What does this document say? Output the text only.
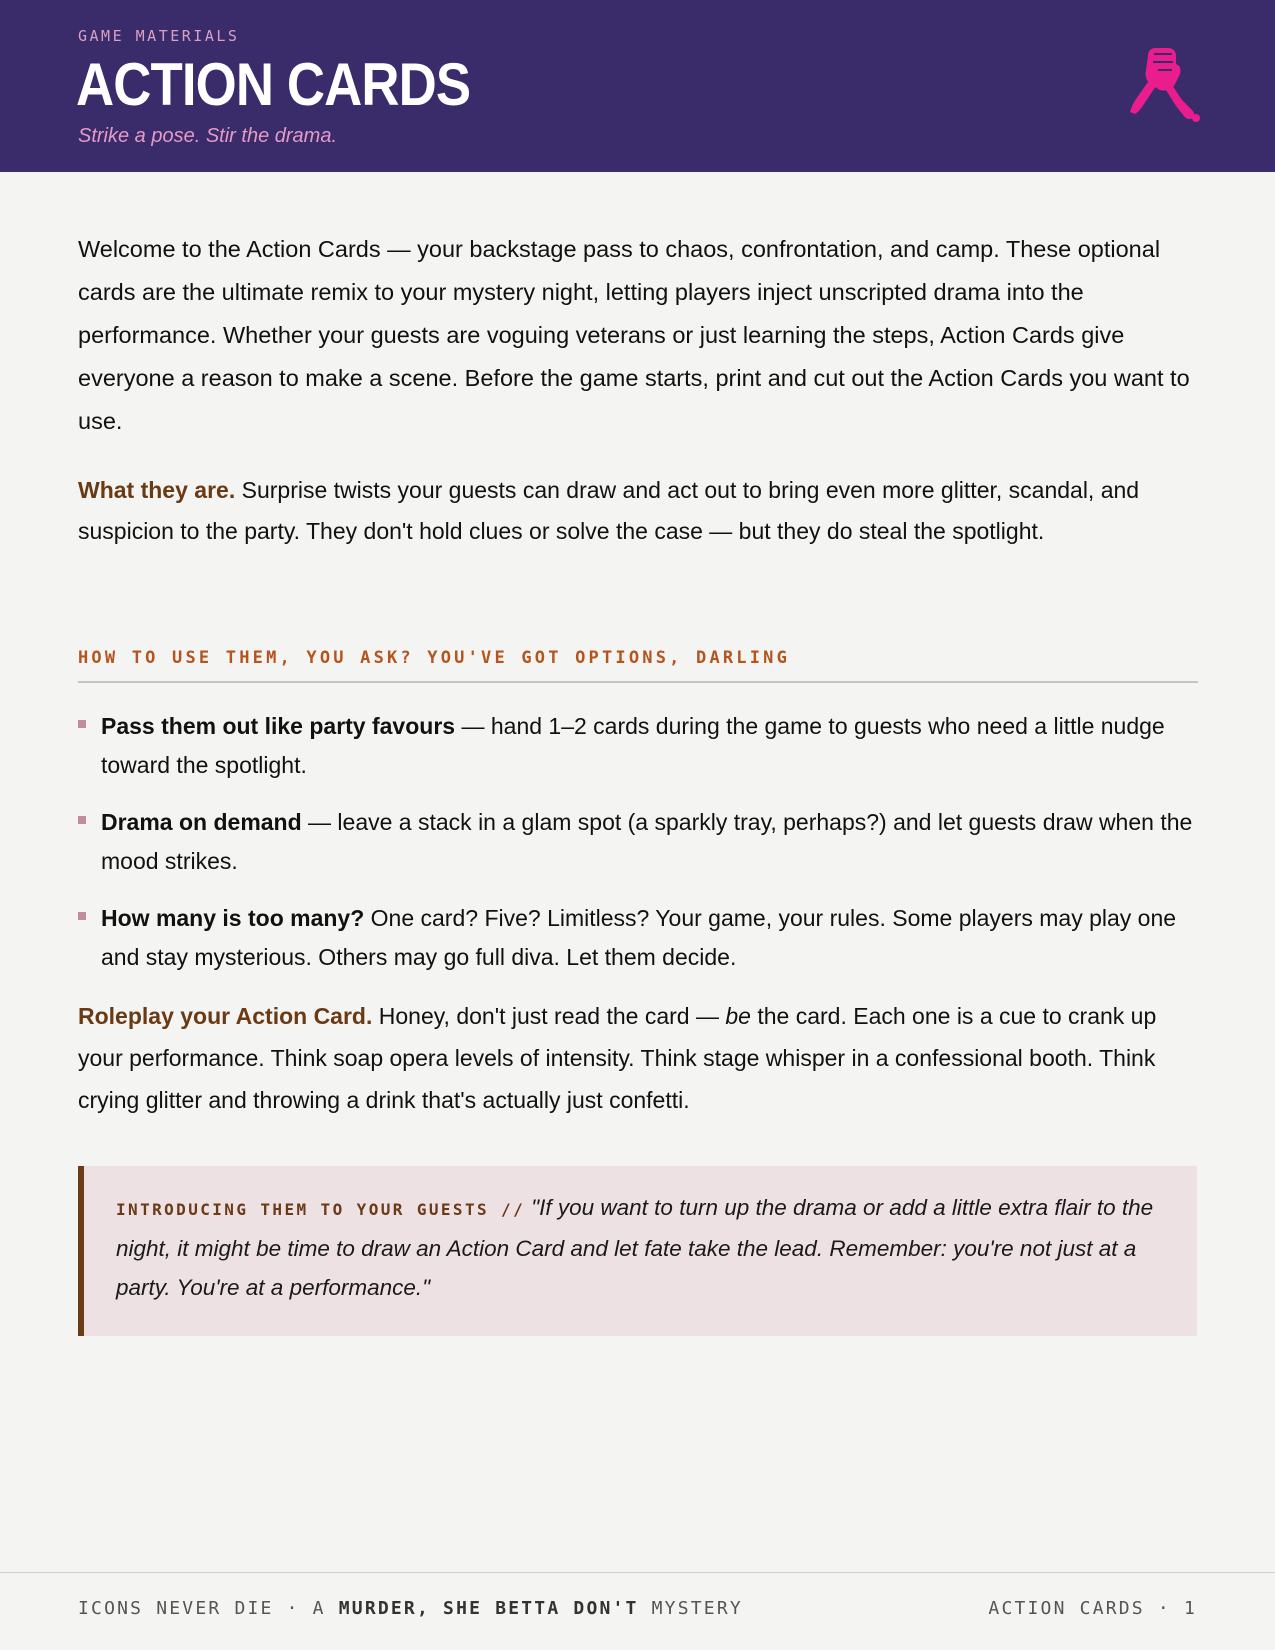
GAME MATERIALS
ACTION CARDS
Strike a pose. Stir the drama.

Welcome to the Action Cards — your backstage pass to chaos, confrontation, and camp. These optional cards are the ultimate remix to your mystery night, letting players inject unscripted drama into the performance. Whether your guests are voguing veterans or just learning the steps, Action Cards give everyone a reason to make a scene. Before the game starts, print and cut out the Action Cards you want to use.

What they are. Surprise twists your guests can draw and act out to bring even more glitter, scandal, and suspicion to the party. They don't hold clues or solve the case — but they do steal the spotlight.

HOW TO USE THEM, YOU ASK? YOU'VE GOT OPTIONS, DARLING
Pass them out like party favours — hand 1–2 cards during the game to guests who need a little nudge toward the spotlight.
Drama on demand — leave a stack in a glam spot (a sparkly tray, perhaps?) and let guests draw when the mood strikes.
How many is too many? One card? Five? Limitless? Your game, your rules. Some players may play one and stay mysterious. Others may go full diva. Let them decide.

Roleplay your Action Card. Honey, don't just read the card — be the card. Each one is a cue to crank up your performance. Think soap opera levels of intensity. Think stage whisper in a confessional booth. Think crying glitter and throwing a drink that's actually just confetti.

INTRODUCING THEM TO YOUR GUESTS // "If you want to turn up the drama or add a little extra flair to the night, it might be time to draw an Action Card and let fate take the lead. Remember: you're not just at a party. You're at a performance."

ICONS NEVER DIE · A MURDER, SHE BETTA DON'T MYSTERY	ACTION CARDS · 1
